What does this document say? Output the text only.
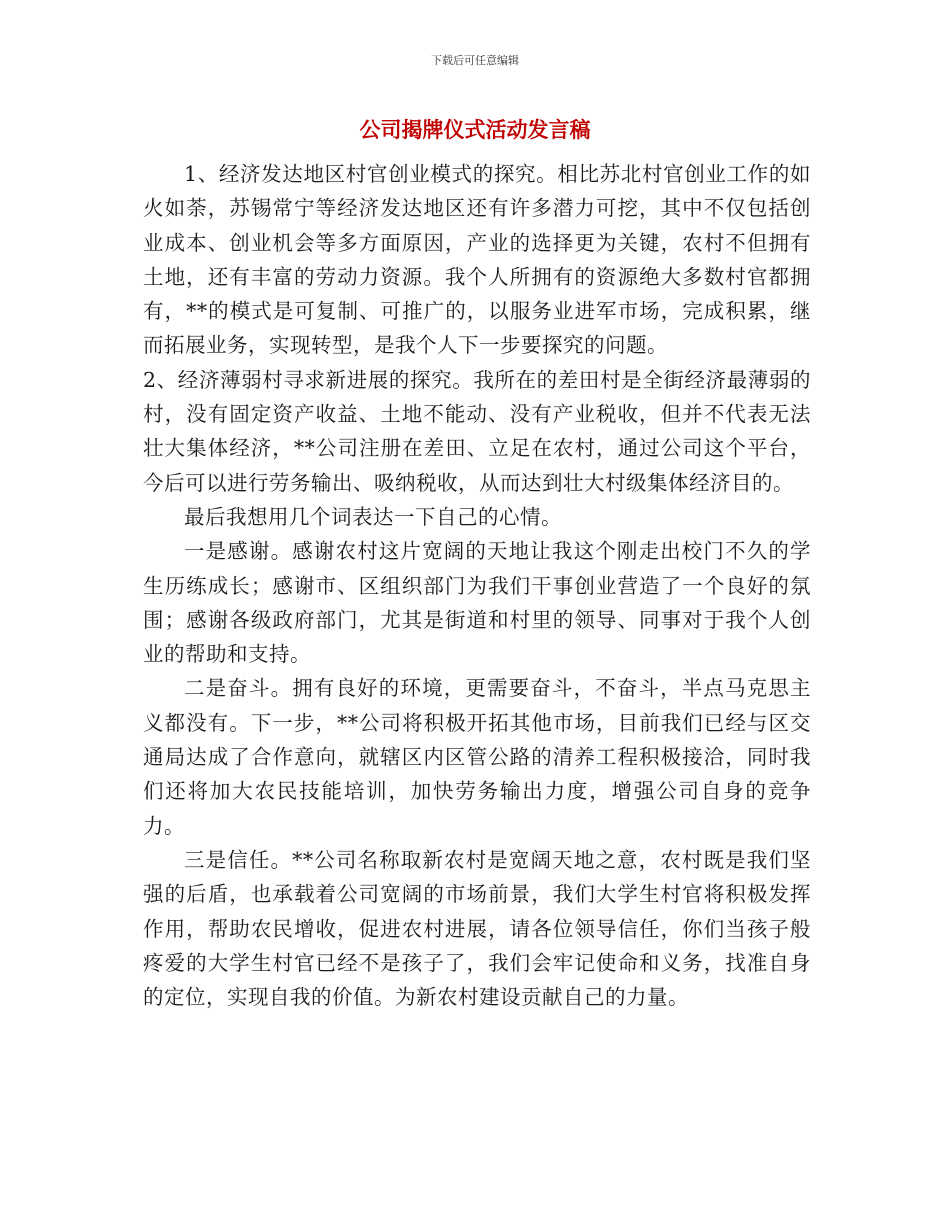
下载后可任意编辑
公司揭牌仪式活动发言稿

1、经济发达地区村官创业模式的探究。相比苏北村官创业工作的如火如荼，苏锡常宁等经济发达地区还有许多潜力可挖，其中不仅包括创业成本、创业机会等多方面原因，产业的选择更为关键，农村不但拥有土地，还有丰富的劳动力资源。我个人所拥有的资源绝大多数村官都拥有，**的模式是可复制、可推广的，以服务业进军市场，完成积累，继而拓展业务，实现转型，是我个人下一步要探究的问题。

2、经济薄弱村寻求新进展的探究。我所在的差田村是全街经济最薄弱的村，没有固定资产收益、土地不能动、没有产业税收，但并不代表无法壮大集体经济，**公司注册在差田、立足在农村，通过公司这个平台，今后可以进行劳务输出、吸纳税收，从而达到壮大村级集体经济目的。

最后我想用几个词表达一下自己的心情。

一是感谢。感谢农村这片宽阔的天地让我这个刚走出校门不久的学生历练成长；感谢市、区组织部门为我们干事创业营造了一个良好的氛围；感谢各级政府部门，尤其是街道和村里的领导、同事对于我个人创业的帮助和支持。

二是奋斗。拥有良好的环境，更需要奋斗，不奋斗，半点马克思主义都没有。下一步，**公司将积极开拓其他市场，目前我们已经与区交通局达成了合作意向，就辖区内区管公路的清养工程积极接洽，同时我们还将加大农民技能培训，加快劳务输出力度，增强公司自身的竞争力。

三是信任。**公司名称取新农村是宽阔天地之意，农村既是我们坚强的后盾，也承载着公司宽阔的市场前景，我们大学生村官将积极发挥作用，帮助农民增收，促进农村进展，请各位领导信任，你们当孩子般疼爱的大学生村官已经不是孩子了，我们会牢记使命和义务，找准自身的定位，实现自我的价值。为新农村建设贡献自己的力量。
